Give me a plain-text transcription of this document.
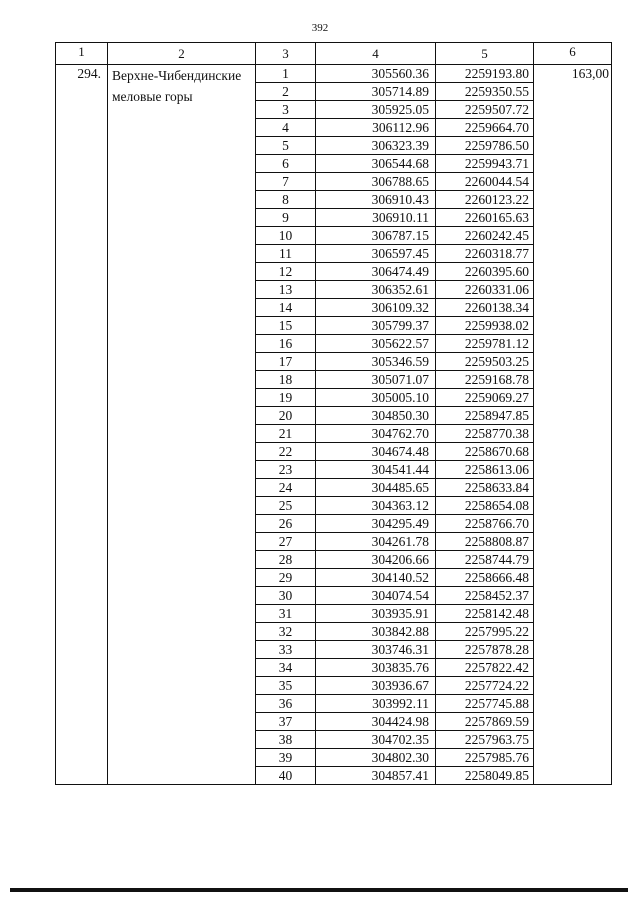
392
1	2	3	4	5	6
294.	Верхне-Чибендинские меловые горы	1	305560.36	2259193.80	163,00
		2	305714.89	2259350.55	
		3	305925.05	2259507.72	
		4	306112.96	2259664.70	
		5	306323.39	2259786.50	
		6	306544.68	2259943.71	
		7	306788.65	2260044.54	
		8	306910.43	2260123.22	
		9	306910.11	2260165.63	
		10	306787.15	2260242.45	
		11	306597.45	2260318.77	
		12	306474.49	2260395.60	
		13	306352.61	2260331.06	
		14	306109.32	2260138.34	
		15	305799.37	2259938.02	
		16	305622.57	2259781.12	
		17	305346.59	2259503.25	
		18	305071.07	2259168.78	
		19	305005.10	2259069.27	
		20	304850.30	2258947.85	
		21	304762.70	2258770.38	
		22	304674.48	2258670.68	
		23	304541.44	2258613.06	
		24	304485.65	2258633.84	
		25	304363.12	2258654.08	
		26	304295.49	2258766.70	
		27	304261.78	2258808.87	
		28	304206.66	2258744.79	
		29	304140.52	2258666.48	
		30	304074.54	2258452.37	
		31	303935.91	2258142.48	
		32	303842.88	2257995.22	
		33	303746.31	2257878.28	
		34	303835.76	2257822.42	
		35	303936.67	2257724.22	
		36	303992.11	2257745.88	
		37	304424.98	2257869.59	
		38	304702.35	2257963.75	
		39	304802.30	2257985.76	
		40	304857.41	2258049.85	
